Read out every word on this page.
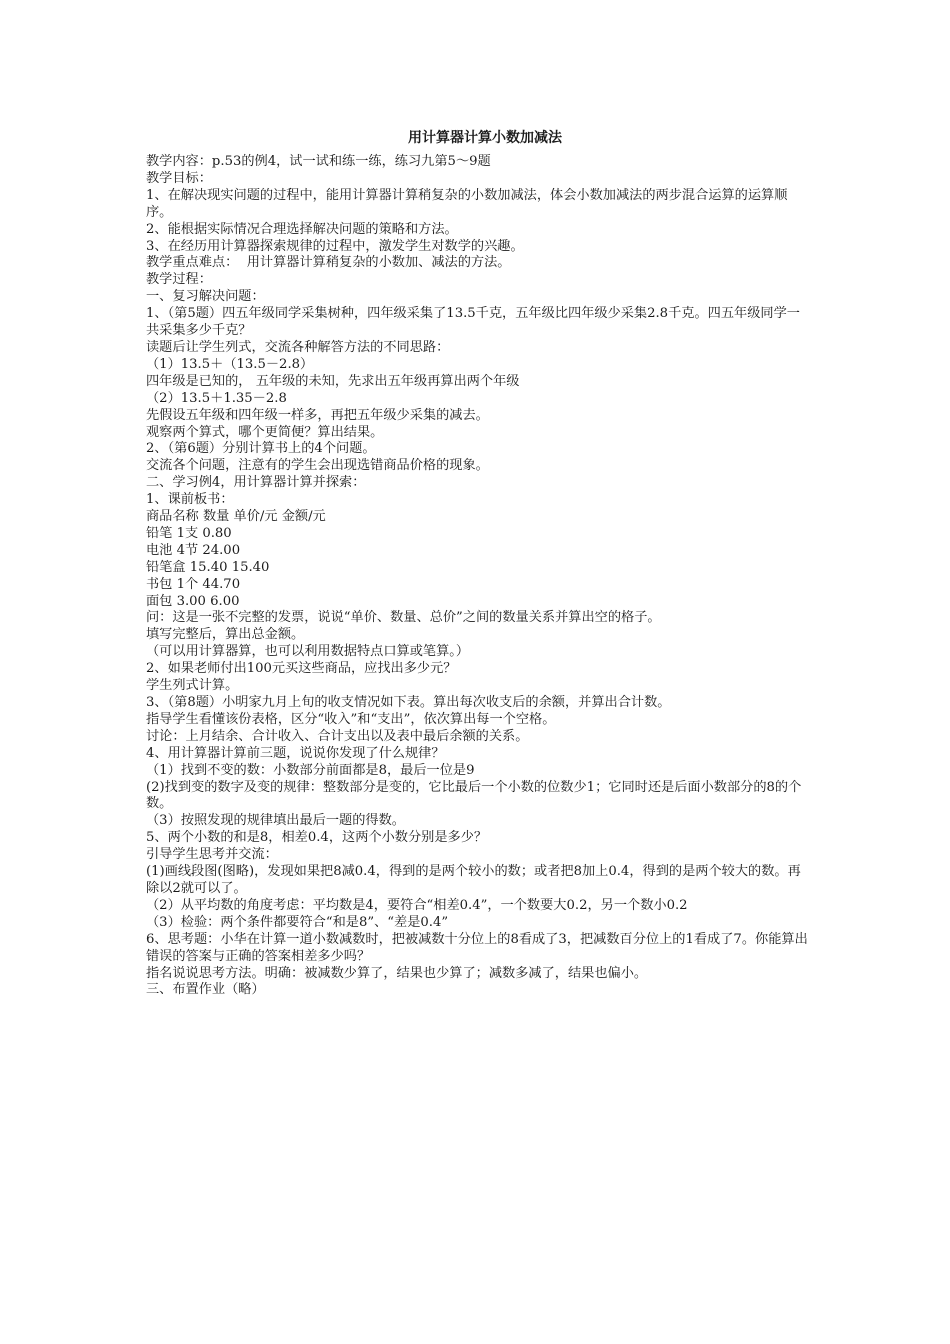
用计算器计算小数加减法
教学内容：p.53的例4，试一试和练一练，练习九第5～9题
教学目标：
1、在解决现实问题的过程中，能用计算器计算稍复杂的小数加减法，体会小数加减法的两步混合运算的运算顺序。
2、能根据实际情况合理选择解决问题的策略和方法。
3、在经历用计算器探索规律的过程中，激发学生对数学的兴趣。
教学重点难点：  用计算器计算稍复杂的小数加、减法的方法。
教学过程：
一、复习解决问题：
1、（第5题）四五年级同学采集树种，四年级采集了13.5千克，五年级比四年级少采集2.8千克。四五年级同学一共采集多少千克？
读题后让学生列式，交流各种解答方法的不同思路：
（1）13.5＋（13.5－2.8）
四年级是已知的， 五年级的未知，先求出五年级再算出两个年级
（2）13.5＋1.35－2.8
先假设五年级和四年级一样多，再把五年级少采集的减去。
观察两个算式，哪个更简便？算出结果。
2、（第6题）分别计算书上的4个问题。
交流各个问题，注意有的学生会出现选错商品价格的现象。
二、学习例4，用计算器计算并探索：
1、课前板书：
商品名称 数量 单价/元 金额/元
铅笔 1支 0.80
电池 4节 24.00
铅笔盒 15.40 15.40
书包 1个 44.70
面包 3.00 6.00
问：这是一张不完整的发票，说说“单价、数量、总价”之间的数量关系并算出空的格子。
填写完整后，算出总金额。
（可以用计算器算，也可以利用数据特点口算或笔算。）
2、如果老师付出100元买这些商品，应找出多少元？
学生列式计算。
3、（第8题）小明家九月上旬的收支情况如下表。算出每次收支后的余额，并算出合计数。
指导学生看懂该份表格，区分“收入”和“支出”，依次算出每一个空格。
讨论：上月结余、合计收入、合计支出以及表中最后余额的关系。
4、用计算器计算前三题，说说你发现了什么规律？
（1）找到不变的数：小数部分前面都是8，最后一位是9
(2)找到变的数字及变的规律：整数部分是变的，它比最后一个小数的位数少1；它同时还是后面小数部分的8的个数。
（3）按照发现的规律填出最后一题的得数。
5、两个小数的和是8，相差0.4，这两个小数分别是多少？
引导学生思考并交流：
(1)画线段图(图略)，发现如果把8减0.4，得到的是两个较小的数；或者把8加上0.4，得到的是两个较大的数。再除以2就可以了。
（2）从平均数的角度考虑：平均数是4，要符合“相差0.4”，一个数要大0.2，另一个数小0.2
（3）检验：两个条件都要符合“和是8”、“差是0.4”
6、思考题：小华在计算一道小数减数时，把被减数十分位上的8看成了3，把减数百分位上的1看成了7。你能算出错误的答案与正确的答案相差多少吗？
指名说说思考方法。明确：被减数少算了，结果也少算了；减数多减了，结果也偏小。
三、布置作业（略）
